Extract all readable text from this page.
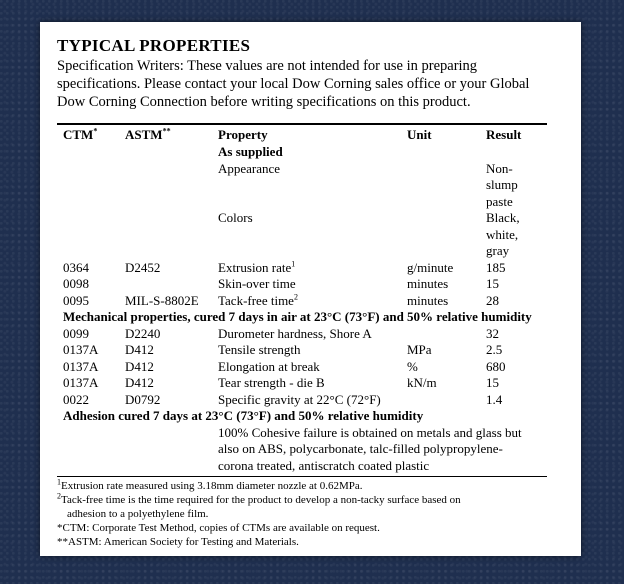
TYPICAL PROPERTIES
Specification Writers: These values are not intended for use in preparing specifications. Please contact your local Dow Corning sales office or your Global Dow Corning Connection before writing specifications on this product.
CTM*	ASTM**	Property	Unit	Result
		As supplied		
		Appearance		Non-slump paste
		Colors		Black, white, gray
0364	D2452	Extrusion rate$^1$	g/minute	185
0098		Skin-over time	minutes	15
0095	MIL-S-8802E	Tack-free time$^2$	minutes	28
Mechanical properties, cured 7 days in air at 23°C (73°F) and 50% relative humidity				
0099	D2240	Durometer hardness, Shore A		32
0137A	D412	Tensile strength	MPa	2.5
0137A	D412	Elongation at break	%	680
0137A	D412	Tear strength - die B	kN/m	15
0022	D0792	Specific gravity at 22°C (72°F)		1.4
Adhesion cured 7 days at 23°C (73°F) and 50% relative humidity				
		100% Cohesive failure is obtained on metals and glass but also on ABS, polycarbonate, talc-filled polypropylene-corona treated, antiscratch coated plastic		
$^1$Extrusion rate measured using 3.18mm diameter nozzle at 0.62MPa.
$^2$Tack-free time is the time required for the product to develop a non-tacky surface based on
adhesion to a polyethylene film.
*CTM: Corporate Test Method, copies of CTMs are available on request.
**ASTM: American Society for Testing and Materials.
